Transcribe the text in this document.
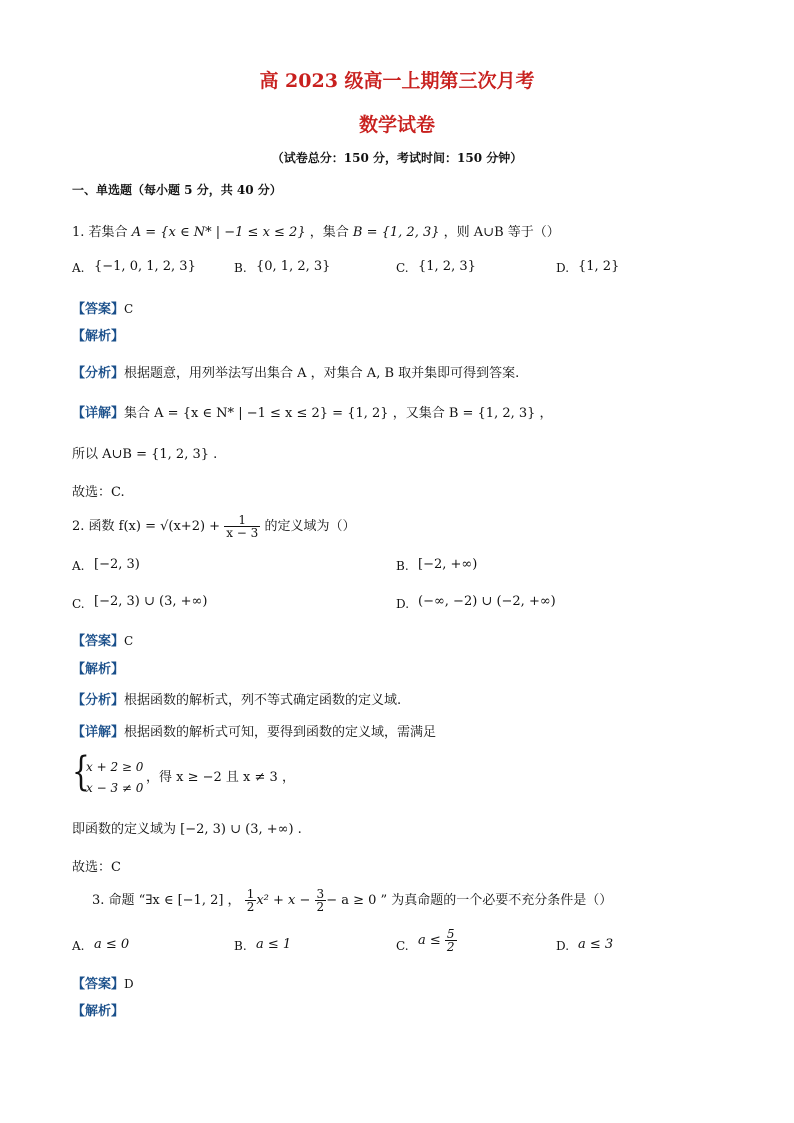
高 2023 级高一上期第三次月考
数学试卷
（试卷总分：150 分，考试时间：150 分钟）
一、单选题（每小题 5 分，共 40 分）
1. 若集合 A = {x ∈ N* | −1 ≤ x ≤ 2} ，集合 B = {1, 2, 3} ，则 A∪B 等于（）
A. {−1, 0, 1, 2, 3}	B. {0, 1, 2, 3}	C. {1, 2, 3}	D. {1, 2}
【答案】C
【解析】
【分析】根据题意，用列举法写出集合 A ，对集合 A, B 取并集即可得到答案.
【详解】集合 A = {x ∈ N* | −1 ≤ x ≤ 2} = {1, 2} ，又集合 B = {1, 2, 3} ，
所以 A∪B = {1, 2, 3} .
故选：C.
2. 函数 $f(x) = √(x+2) + \frac{1}{x - 3}$ 的定义域为（）
A. [−2, 3)	B. [−2, +∞)
C. [−2, 3) ∪ (3, +∞)	D. (−∞, −2) ∪ (−2, +∞)
【答案】C
【解析】
【分析】根据函数的解析式，列不等式确定函数的定义域.
【详解】根据函数的解析式可知，要得到函数的定义域，需满足
{
x + 2 ≥ 0
x − 3 ≠ 0
，得 x ≥ −2 且 x ≠ 3 ，
即函数的定义域为 [−2, 3) ∪ (3, +∞) .
故选：C
3. 命题 “∃x ∈ [−1, 2] ， $\frac{1}{2} x^2 + x - \frac{3}{2} - a \ge 0$ ” 为真命题的一个必要不充分条件是（）
A. a ≤ 0	B. a ≤ 1	C. $a \le \frac{5}{2}$	D. a ≤ 3
【答案】D
【解析】
